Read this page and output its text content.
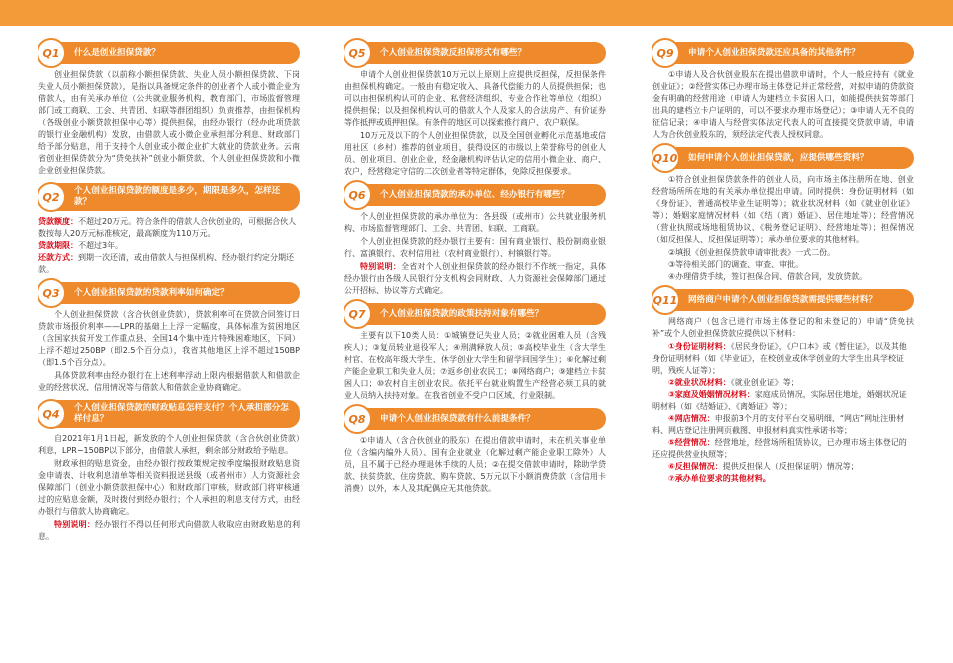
Q1	什么是创业担保贷款？

创业担保贷款（以前称小额担保贷款、失业人员小额担保贷款、下岗失业人员小额担保贷款），是指以具备规定条件的创业者个人或小微企业为借款人，由有关承办单位（公共就业服务机构、教育部门、市场监督管理部门或工商联、工会、共青团、妇联等群团组织）负责推荐，由担保机构（各级创业小额贷款担保中心等）提供担保，由经办银行（经办此项贷款的银行业金融机构）发放，由借款人或小微企业承担部分利息、财政部门给予部分贴息，用于支持个人创业或小微企业扩大就业的贷款业务。云南省创业担保贷款分为“贷免扶补”创业小额贷款、个人创业担保贷款和小微企业创业担保贷款。

Q2	个人创业担保贷款的额度是多少，期限是多久，怎样还款？

贷款额度：不超过20万元。符合条件的借款人合伙创业的，可根据合伙人数按每人20万元标准核定，最高额度为110万元。

贷款期限：不超过3年。

还款方式：到期一次还清，或由借款人与担保机构、经办银行约定分期还款。

Q3	个人创业担保贷款的贷款利率如何确定？

个人创业担保贷款（含合伙创业贷款），贷款利率可在贷款合同签订日贷款市场报价利率——LPR的基础上上浮一定幅度，具体标准为贫困地区（含国家扶贫开发工作重点县、全国14个集中连片特殊困难地区，下同）上浮不超过250BP（即2.5个百分点），我省其他地区上浮不超过150BP（即1.5个百分点）。

具体贷款利率由经办银行在上述利率浮动上限内根据借款人和借款企业的经营状况、信用情况等与借款人和借款企业协商确定。

Q4	个人创业担保贷款的财政贴息怎样支付？个人承担部分怎样付息？

自2021年1月1日起，新发放的个人创业担保贷款（含合伙创业贷款）利息，LPR−150BP以下部分，由借款人承担，剩余部分财政给予贴息。

财政承担的贴息资金，由经办银行按政策规定按季度编报财政贴息资金申请表、计收利息清单等相关资料报送县级（或者州市）人力资源社会保障部门（创业小额贷款担保中心）和财政部门审核，财政部门将审核通过的应贴息金额，及时拨付到经办银行；个人承担的利息支付方式，由经办银行与借款人协商确定。

特别说明：经办银行不得以任何形式向借款人收取应由财政贴息的利息。

Q5	个人创业担保贷款反担保形式有哪些？

申请个人创业担保贷款10万元以上原则上应提供反担保，反担保条件由担保机构确定。一般由有稳定收入、具备代偿能力的人员提供担保；也可以由担保机构认可的企业、私营经济组织、专业合作社等单位（组织）提供担保；以及担保机构认可的借款人个人及家人的合法房产、有价证券等作抵押或质押担保。有条件的地区可以探索推行商户、农户联保。

10万元及以下的个人创业担保贷款，以及全国创业孵化示范基地或信用社区（乡村）推荐的创业项目，获得设区的市级以上荣誉称号的创业人员、创业项目、创业企业，经金融机构评估认定的信用小微企业、商户、农户，经营稳定守信的二次创业者等特定群体，免除反担保要求。

Q6	个人创业担保贷款的承办单位、经办银行有哪些？

个人创业担保贷款的承办单位为：各县级（或州市）公共就业服务机构、市场监督管理部门、工会、共青团、妇联、工商联。

个人创业担保贷款的经办银行主要有：国有商业银行、股份制商业银行、富滇银行、农村信用社（农村商业银行）、村镇银行等。

特别说明：全省对个人创业担保贷款的经办银行不作统一指定，具体经办银行由各级人民银行分支机构会同财政、人力资源社会保障部门通过公开招标、协议等方式确定。

Q7	个人创业担保贷款的政策扶持对象有哪些？

主要有以下10类人员：①城镇登记失业人员；②就业困难人员（含残疾人）；③复员转业退役军人；④刑满释放人员；⑤高校毕业生（含大学生村官、在校高年级大学生、休学创业大学生和留学回国学生）；⑥化解过剩产能企业职工和失业人员；⑦返乡创业农民工；⑧网络商户；⑨建档立卡贫困人口；⑩农村自主创业农民。依托平台就业购置生产经营必须工具的就业人员纳入扶持对象。在我省创业不受户口区域、行业限制。

Q8	申请个人创业担保贷款有什么前提条件？

①申请人（含合伙创业的股东）在提出借款申请时，未在机关事业单位（含编内编外人员）、国有企业就业（化解过剩产能企业职工除外）人员，且不属于已经办理退休手续的人员；②在提交借款申请时，除助学贷款、扶贫贷款、住房贷款、购车贷款、5万元以下小额消费贷款（含信用卡消费）以外，本人及其配偶应无其他贷款。

Q9	申请个人创业担保贷款还应具备的其他条件？

①申请人及合伙创业股东在提出借款申请时，个人一般应持有《就业创业证》；②经营实体已办理市场主体登记并正常经营，对拟申请的贷款资金有明确的经营用途（申请人为建档立卡贫困人口，如能提供扶贫等部门出具的建档立卡户证明的，可以不要求办理市场登记）；③申请人无不良的征信记录；④申请人与经营实体法定代表人的可直接提交贷款申请，申请人为合伙创业股东的，须经法定代表人授权同意。

Q10	如何申请个人创业担保贷款，应提供哪些资料？

①符合创业担保贷款条件的创业人员，向市场主体注册所在地、创业经营场所所在地的有关承办单位提出申请。同时提供：身份证明材料（如《身份证》、普通高校毕业生证明等）；就业状况材料（如《就业创业证》等）；婚姻家庭情况材料（如《结（离）婚证》、居住地址等）；经营情况（营业执照或场地租赁协议、《税务登记证明》、经营地址等）；担保情况（如反担保人、反担保证明等）；承办单位要求的其他材料。

②填报《创业担保贷款申请审批表》一式二份。

③等待相关部门的调查、审查、审批。

④办理借贷手续，签订担保合同、借款合同，发放贷款。

Q11	网络商户申请个人创业担保贷款需提供哪些材料？

网络商户（包含已进行市场主体登记的和未登记的）申请“贷免扶补”或个人创业担保贷款应提供以下材料：

①身份证明材料：《居民身份证》，《户口本》或《暂住证》，以及其他身份证明材料（如《毕业证》，在校创业或休学创业的大学生出具学校证明，残疾人证等）；

②就业状况材料：《就业创业证》等；

③家庭及婚姻情况材料：家庭成员情况，实际居住地址，婚姻状况证明材料（如《结婚证》、《离婚证》等）；

④网店情况：申报前3个月的支付平台交易明细、“网店”网址注册材料、网店登记注册网页截图、申报材料真实性承诺书等；

⑤经营情况：经营地址，经营场所租赁协议，已办理市场主体登记的还应提供营业执照等；

⑥反担保情况：提供反担保人（反担保证明）情况等；

⑦承办单位要求的其他材料。
